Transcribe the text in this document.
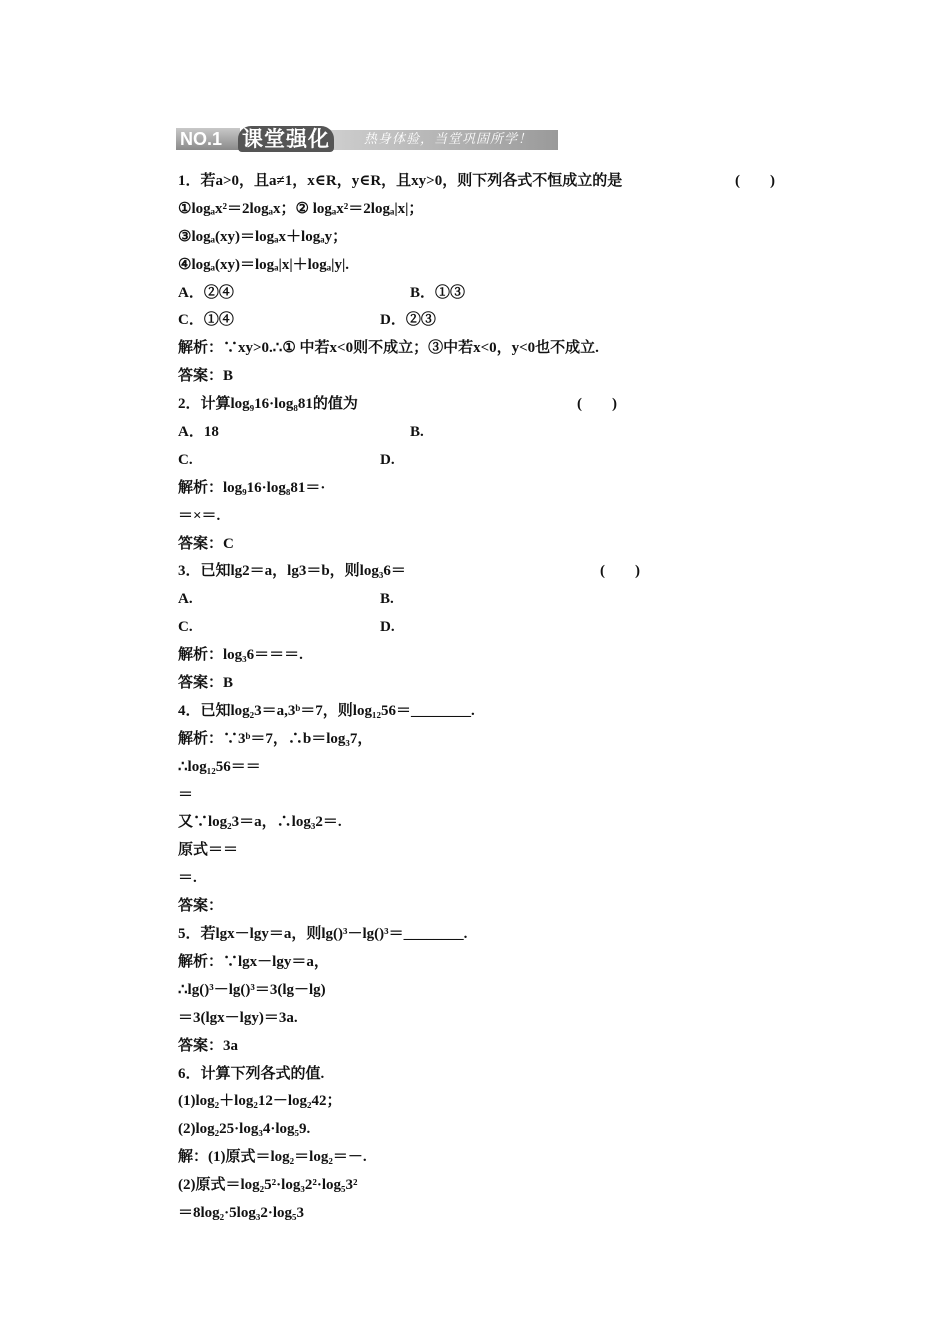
NO.1	热身体验，当堂巩固所学！
课堂强化
1．若a>0，且a≠1，x∈R，y∈R，且xy>0，则下列各式不恒成立的是	(　　)
①logₐx²＝2logₐx；② logₐx²＝2logₐ|x|；
③logₐ(xy)＝logₐx＋logₐy；
④logₐ(xy)＝logₐ|x|＋logₐ|y|.
A．②④	B．①③
C．①④	D．②③
解析：∵xy>0.∴① 中若x<0则不成立；③中若x<0，y<0也不成立.
答案：B
2．计算log₉16·log₈81的值为	(　　)
A．18	B.
C.	D.
解析：log₉16·log₈81＝·
＝×＝.
答案：C
3．已知lg2＝a，lg3＝b，则log₃6＝	(　　)
A.	B.
C.	D.
解析：log₃6＝＝＝.
答案：B
4．已知log₂3＝a,3ᵇ＝7，则log₁₂56＝________.
解析：∵3ᵇ＝7，∴b＝log₃7，
∴log₁₂56＝＝
＝
又∵log₂3＝a，∴log₃2＝.
原式＝＝
＝.
答案：
5．若lgx－lgy＝a，则lg()³－lg()³＝________.
解析：∵lgx－lgy＝a，
∴lg()³－lg()³＝3(lg－lg)
＝3(lgx－lgy)＝3a.
答案：3a
6．计算下列各式的值.
(1)log₂＋log₂12－log₂42；
(2)log₂25·log₃4·log₅9.
解：(1)原式＝log₂＝log₂＝－.
(2)原式＝log₂5²·log₃2²·log₅3²
＝8log₂·5log₃2·log₅3
